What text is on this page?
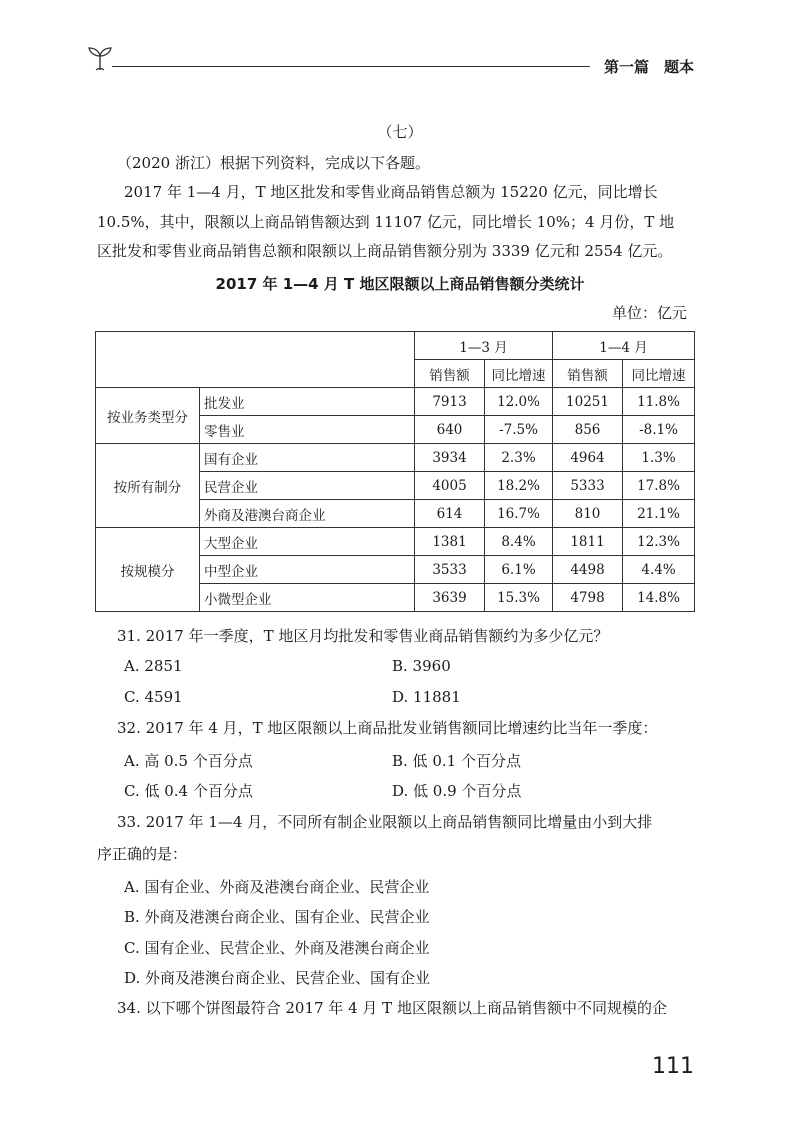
第一篇　题本
（七）
（2020 浙江）根据下列资料，完成以下各题。
2017 年 1—4 月，T 地区批发和零售业商品销售总额为 15220 亿元，同比增长
10.5%，其中，限额以上商品销售额达到 11107 亿元，同比增长 10%；4 月份，T 地
区批发和零售业商品销售总额和限额以上商品销售额分别为 3339 亿元和 2554 亿元。
2017 年 1—4 月 T 地区限额以上商品销售额分类统计
单位：亿元
		1—3 月		1—4 月	
		销售额	同比增速	销售额	同比增速
按业务类型分	批发业	7913	12.0%	10251	11.8%
	零售业	640	-7.5%	856	-8.1%
按所有制分	国有企业	3934	2.3%	4964	1.3%
	民营企业	4005	18.2%	5333	17.8%
	外商及港澳台商企业	614	16.7%	810	21.1%
按规模分	大型企业	1381	8.4%	1811	12.3%
	中型企业	3533	6.1%	4498	4.4%
	小微型企业	3639	15.3%	4798	14.8%
31. 2017 年一季度，T 地区月均批发和零售业商品销售额约为多少亿元？
A. 2851	B. 3960
C. 4591	D. 11881
32. 2017 年 4 月，T 地区限额以上商品批发业销售额同比增速约比当年一季度：
A. 高 0.5 个百分点	B. 低 0.1 个百分点
C. 低 0.4 个百分点	D. 低 0.9 个百分点
33. 2017 年 1—4 月，不同所有制企业限额以上商品销售额同比增量由小到大排
序正确的是：
A. 国有企业、外商及港澳台商企业、民营企业
B. 外商及港澳台商企业、国有企业、民营企业
C. 国有企业、民营企业、外商及港澳台商企业
D. 外商及港澳台商企业、民营企业、国有企业
34. 以下哪个饼图最符合 2017 年 4 月 T 地区限额以上商品销售额中不同规模的企
111
